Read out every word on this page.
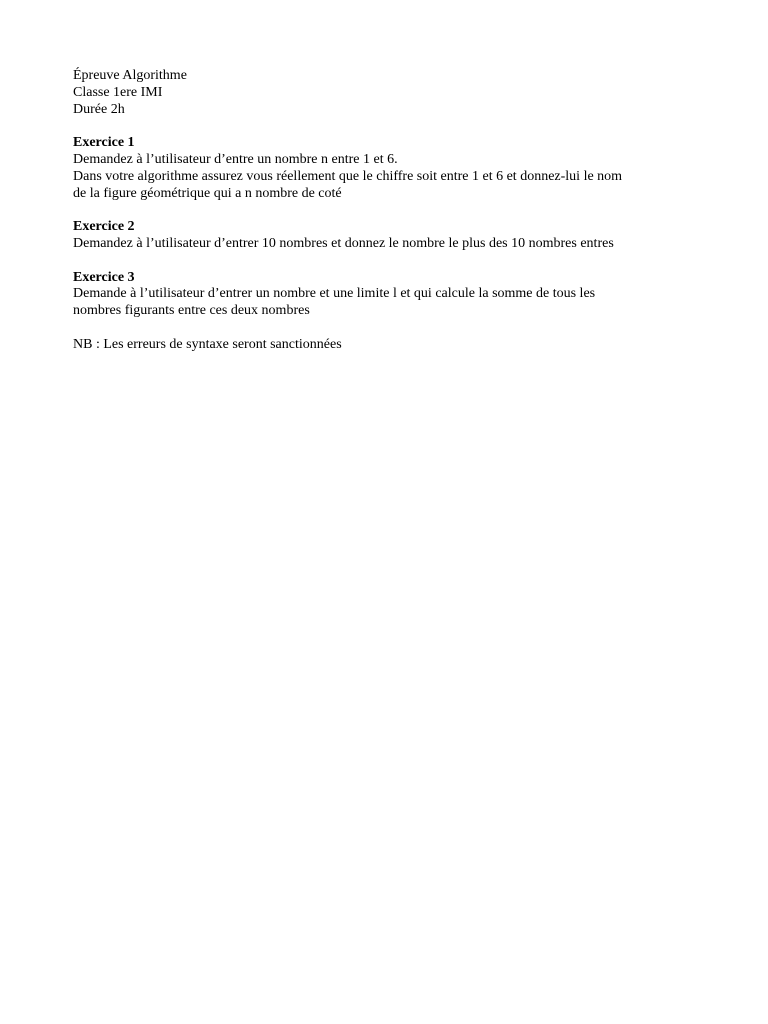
Épreuve Algorithme
Classe 1ere IMI
Durée 2h
Exercice 1
Demandez à l’utilisateur d’entre un nombre n entre 1 et 6.
Dans votre algorithme assurez vous réellement que le chiffre soit entre 1 et 6 et donnez-lui le nom
de la figure géométrique qui a n nombre de coté
Exercice 2
Demandez à l’utilisateur d’entrer 10 nombres et donnez le nombre le plus des 10 nombres entres
Exercice 3
Demande à l’utilisateur d’entrer un nombre et une limite l et qui calcule la somme de tous les
nombres figurants entre ces deux nombres
NB : Les erreurs de syntaxe seront sanctionnées
